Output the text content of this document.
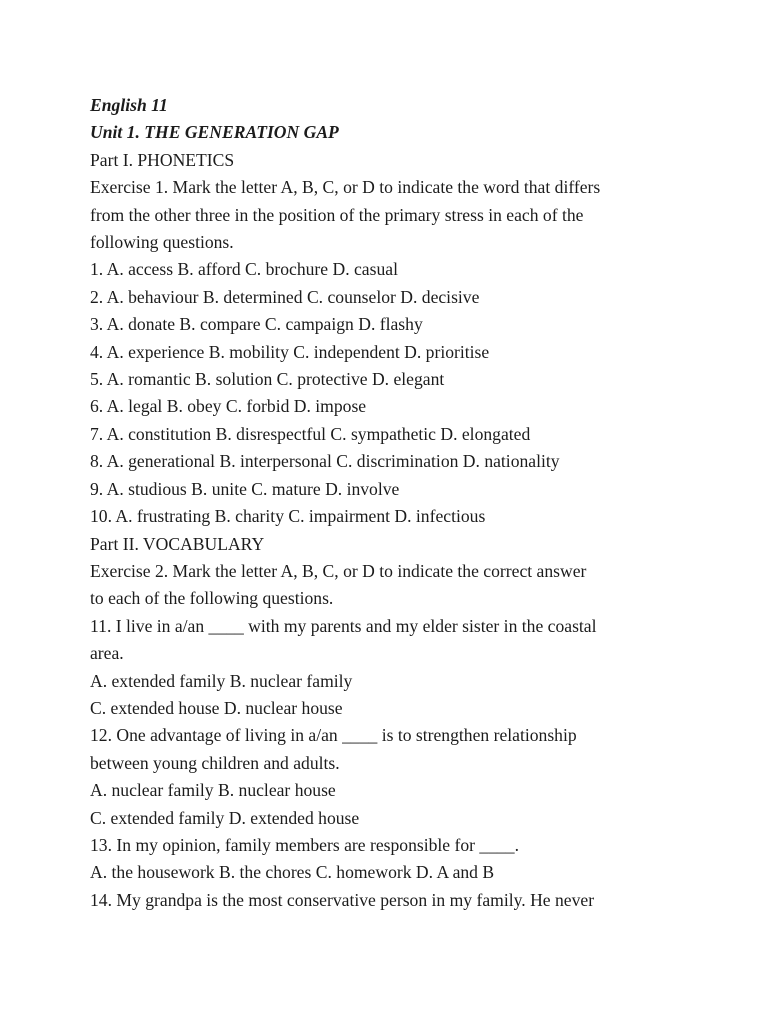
English 11
Unit 1. THE GENERATION GAP
Part I. PHONETICS
Exercise 1. Mark the letter A, B, C, or D to indicate the word that differs
from the other three in the position of the primary stress in each of the
following questions.
1. A. access B. afford C. brochure D. casual
2. A. behaviour B. determined C. counselor D. decisive
3. A. donate B. compare C. campaign D. flashy
4. A. experience B. mobility C. independent D. prioritise
5. A. romantic B. solution C. protective D. elegant
6. A. legal B. obey C. forbid D. impose
7. A. constitution B. disrespectful C. sympathetic D. elongated
8. A. generational B. interpersonal C. discrimination D. nationality
9. A. studious B. unite C. mature D. involve
10. A. frustrating B. charity C. impairment D. infectious
Part II. VOCABULARY
Exercise 2. Mark the letter A, B, C, or D to indicate the correct answer
to each of the following questions.
11. I live in a/an ____ with my parents and my elder sister in the coastal
area.
A. extended family B. nuclear family
C. extended house D. nuclear house
12. One advantage of living in a/an ____ is to strengthen relationship
between young children and adults.
A. nuclear family B. nuclear house
C. extended family D. extended house
13. In my opinion, family members are responsible for ____.
A. the housework B. the chores C. homework D. A and B
14. My grandpa is the most conservative person in my family. He never
